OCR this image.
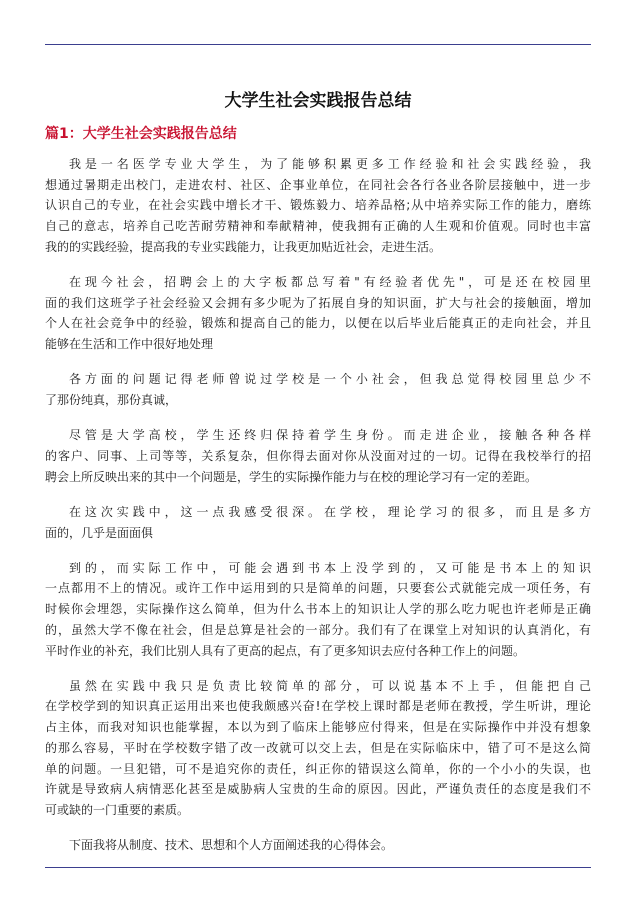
大学生社会实践报告总结
篇1：大学生社会实践报告总结
我是一名医学专业大学生，为了能够积累更多工作经验和社会实践经验，我
想通过暑期走出校门，走进农村、社区、企事业单位，在同社会各行各业各阶层接触中，进一步
认识自己的专业，在社会实践中增长才干、锻炼毅力、培养品格;从中培养实际工作的能力，磨练
自己的意志，培养自己吃苦耐劳精神和奉献精神，使我拥有正确的人生观和价值观。同时也丰富
我的的实践经验，提高我的专业实践能力，让我更加贴近社会，走进生活。
在现今社会，招聘会上的大字板都总写着"有经验者优先"，可是还在校园里
面的我们这班学子社会经验又会拥有多少呢为了拓展自身的知识面，扩大与社会的接触面，增加
个人在社会竞争中的经验，锻炼和提高自己的能力，以便在以后毕业后能真正的走向社会，并且
能够在生活和工作中很好地处理
各方面的问题记得老师曾说过学校是一个小社会，但我总觉得校园里总少不
了那份纯真，那份真诚，
尽管是大学高校，学生还终归保持着学生身份。而走进企业，接触各种各样
的客户、同事、上司等等，关系复杂，但你得去面对你从没面对过的一切。记得在我校举行的招
聘会上所反映出来的其中一个问题是，学生的实际操作能力与在校的理论学习有一定的差距。
在这次实践中，这一点我感受很深。在学校，理论学习的很多，而且是多方
面的，几乎是面面俱
到的，而实际工作中，可能会遇到书本上没学到的，又可能是书本上的知识
一点都用不上的情况。或许工作中运用到的只是简单的问题，只要套公式就能完成一项任务，有
时候你会埋怨，实际操作这么简单，但为什么书本上的知识让人学的那么吃力呢也许老师是正确
的，虽然大学不像在社会，但是总算是社会的一部分。我们有了在课堂上对知识的认真消化，有
平时作业的补充，我们比别人具有了更高的起点，有了更多知识去应付各种工作上的问题。
虽然在实践中我只是负责比较简单的部分，可以说基本不上手，但能把自己
在学校学到的知识真正运用出来也使我颇感兴奋!在学校上课时都是老师在教授，学生听讲，理论
占主体，而我对知识也能掌握，本以为到了临床上能够应付得来，但是在实际操作中并没有想象
的那么容易，平时在学校数字错了改一改就可以交上去，但是在实际临床中，错了可不是这么简
单的问题。一旦犯错，可不是追究你的责任，纠正你的错误这么简单，你的一个小小的失误，也
许就是导致病人病情恶化甚至是威胁病人宝贵的生命的原因。因此，严谨负责任的态度是我们不
可或缺的一门重要的素质。
下面我将从制度、技术、思想和个人方面阐述我的心得体会。
